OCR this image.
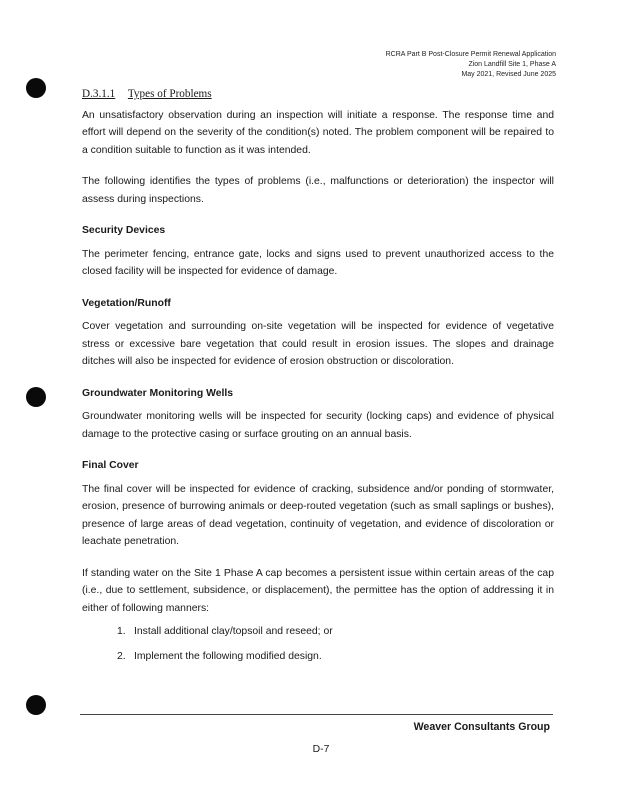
RCRA Part B Post-Closure Permit Renewal Application
Zion Landfill Site 1, Phase A
May 2021, Revised June 2025
D.3.1.1 Types of Problems

An unsatisfactory observation during an inspection will initiate a response. The response time and effort will depend on the severity of the condition(s) noted. The problem component will be repaired to a condition suitable to function as it was intended.

The following identifies the types of problems (i.e., malfunctions or deterioration) the inspector will assess during inspections.

Security Devices

The perimeter fencing, entrance gate, locks and signs used to prevent unauthorized access to the closed facility will be inspected for evidence of damage.

Vegetation/Runoff

Cover vegetation and surrounding on-site vegetation will be inspected for evidence of vegetative stress or excessive bare vegetation that could result in erosion issues. The slopes and drainage ditches will also be inspected for evidence of erosion obstruction or discoloration.

Groundwater Monitoring Wells

Groundwater monitoring wells will be inspected for security (locking caps) and evidence of physical damage to the protective casing or surface grouting on an annual basis.

Final Cover

The final cover will be inspected for evidence of cracking, subsidence and/or ponding of stormwater, erosion, presence of burrowing animals or deep-routed vegetation (such as small saplings or bushes), presence of large areas of dead vegetation, continuity of vegetation, and evidence of discoloration or leachate penetration.

If standing water on the Site 1 Phase A cap becomes a persistent issue within certain areas of the cap (i.e., due to settlement, subsidence, or displacement), the permittee has the option of addressing it in either of following manners:

1. Install additional clay/topsoil and reseed; or
2. Implement the following modified design.
Weaver Consultants Group
D-7
